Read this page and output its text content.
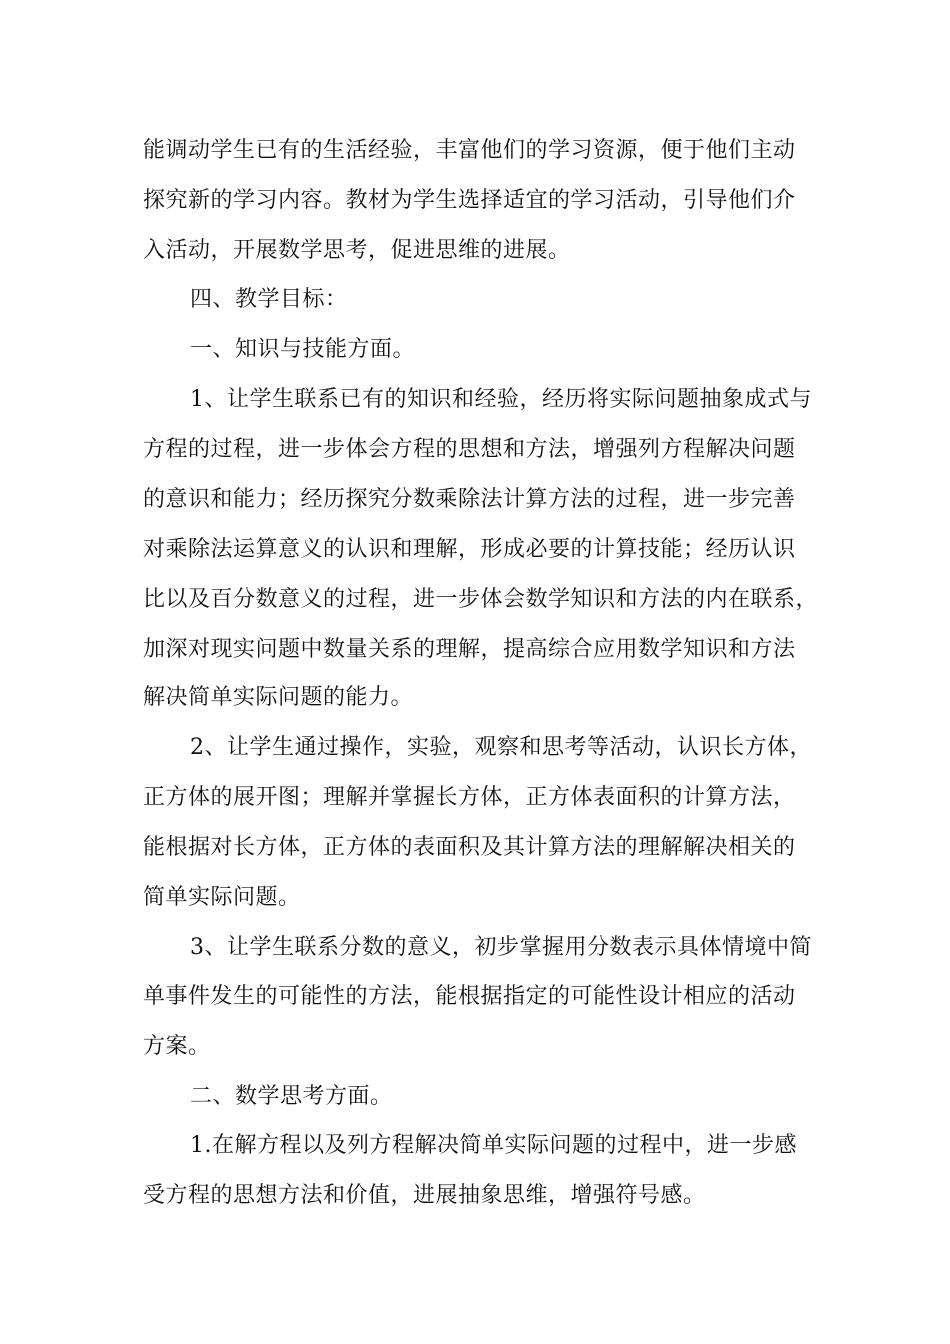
能调动学生已有的生活经验，丰富他们的学习资源，便于他们主动
探究新的学习内容。教材为学生选择适宜的学习活动，引导他们介
入活动，开展数学思考，促进思维的进展。
四、教学目标：
一、知识与技能方面。
1、让学生联系已有的知识和经验，经历将实际问题抽象成式与
方程的过程，进一步体会方程的思想和方法，增强列方程解决问题
的意识和能力；经历探究分数乘除法计算方法的过程，进一步完善
对乘除法运算意义的认识和理解，形成必要的计算技能；经历认识
比以及百分数意义的过程，进一步体会数学知识和方法的内在联系，
加深对现实问题中数量关系的理解，提高综合应用数学知识和方法
解决简单实际问题的能力。
2、让学生通过操作，实验，观察和思考等活动，认识长方体，
正方体的展开图；理解并掌握长方体，正方体表面积的计算方法，
能根据对长方体，正方体的表面积及其计算方法的理解解决相关的
简单实际问题。
3、让学生联系分数的意义，初步掌握用分数表示具体情境中简
单事件发生的可能性的方法，能根据指定的可能性设计相应的活动
方案。
二、数学思考方面。
1.在解方程以及列方程解决简单实际问题的过程中，进一步感
受方程的思想方法和价值，进展抽象思维，增强符号感。
